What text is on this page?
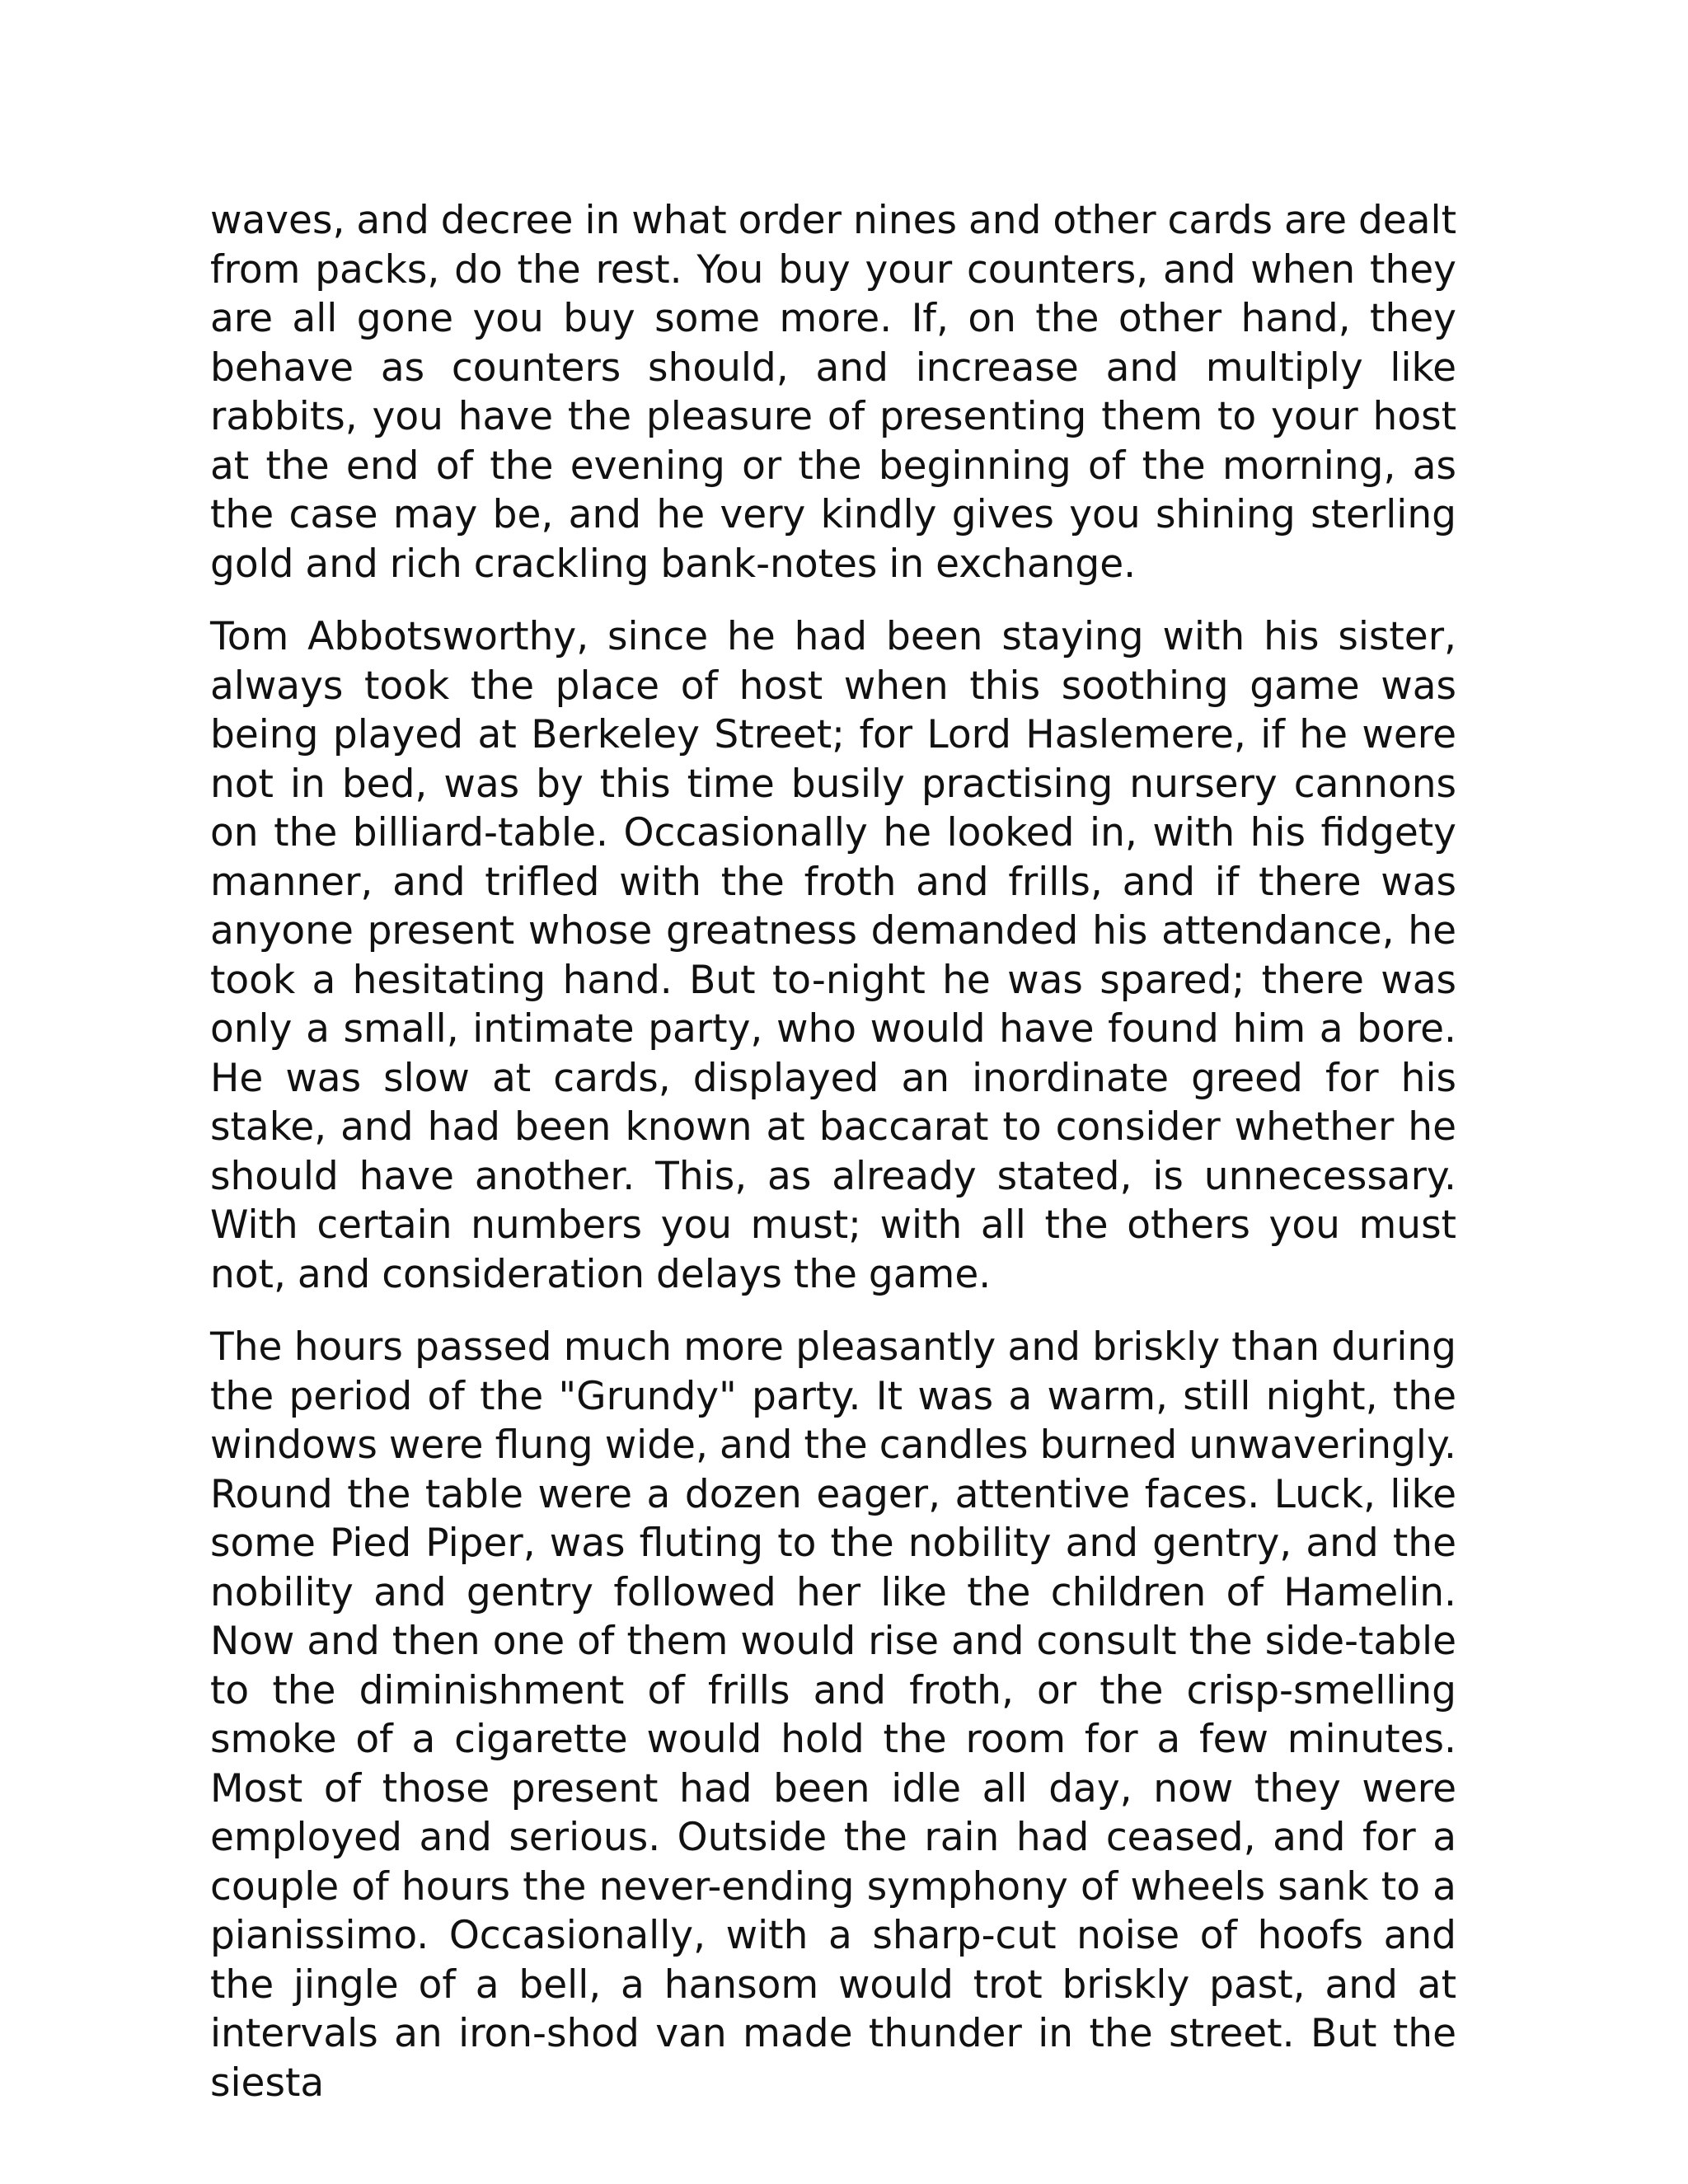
waves, and decree in what order nines and other cards are dealt from packs, do the rest. You buy your counters, and when they are all gone you buy some more. If, on the other hand, they behave as counters should, and increase and multiply like rabbits, you have the pleasure of presenting them to your host at the end of the evening or the beginning of the morning, as the case may be, and he very kindly gives you shining sterling gold and rich crackling bank-notes in exchange.

Tom Abbotsworthy, since he had been staying with his sister, always took the place of host when this soothing game was being played at Berkeley Street; for Lord Haslemere, if he were not in bed, was by this time busily practising nursery cannons on the billiard-table. Occasionally he looked in, with his fidgety manner, and trifled with the froth and frills, and if there was anyone present whose greatness demanded his attendance, he took a hesitating hand. But to-night he was spared; there was only a small, intimate party, who would have found him a bore. He was slow at cards, displayed an inordinate greed for his stake, and had been known at baccarat to consider whether he should have another. This, as already stated, is unnecessary. With certain numbers you must; with all the others you must not, and consideration delays the game.

The hours passed much more pleasantly and briskly than during the period of the "Grundy" party. It was a warm, still night, the windows were flung wide, and the candles burned unwaveringly. Round the table were a dozen eager, attentive faces. Luck, like some Pied Piper, was fluting to the nobility and gentry, and the nobility and gentry followed her like the children of Hamelin. Now and then one of them would rise and consult the side-table to the diminishment of frills and froth, or the crisp-smelling smoke of a cigarette would hold the room for a few minutes. Most of those present had been idle all day, now they were employed and serious. Outside the rain had ceased, and for a couple of hours the never-ending symphony of wheels sank to a pianissimo. Occasionally, with a sharp-cut noise of hoofs and the jingle of a bell, a hansom would trot briskly past, and at intervals an iron-shod van made thunder in the street. But the siesta
